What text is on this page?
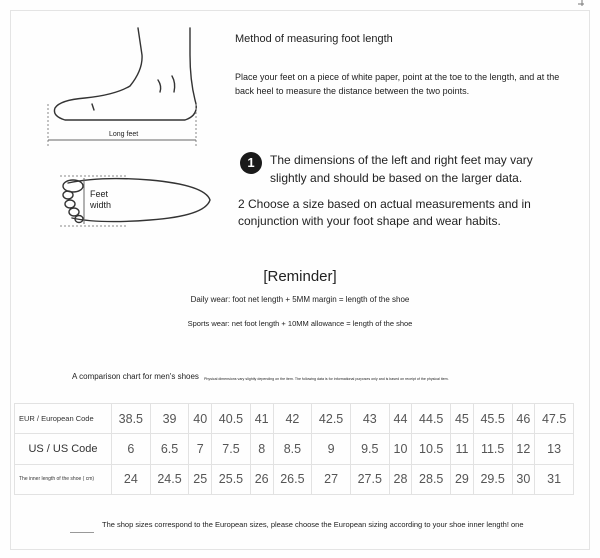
Long feet
Feet
width
Method of measuring foot length
Place your feet on a piece of white paper, point at the toe to the length, and at the back heel to measure the distance between the two points.
1	The dimensions of the left and right feet may vary slightly and should be based on the larger data.
2 Choose a size based on actual measurements and in conjunction with your foot shape and wear habits.
[Reminder]
Daily wear: foot net length + 5MM margin = length of the shoe
Sports wear: net foot length + 10MM allowance = length of the shoe
A comparison chart for men's shoes Physical dimensions vary slightly depending on the item. The following data is for informational purposes only and is based on receipt of the physical item.
EUR / European Code	38.5	39	40	40.5	41	42	42.5	43	44	44.5	45	45.5	46	47.5
US / US Code	6	6.5	7	7.5	8	8.5	9	9.5	10	10.5	11	11.5	12	13
The inner length of the shoe ( cm)	24	24.5	25	25.5	26	26.5	27	27.5	28	28.5	29	29.5	30	31
The shop sizes correspond to the European sizes, please choose the European sizing according to your shoe inner length! one
